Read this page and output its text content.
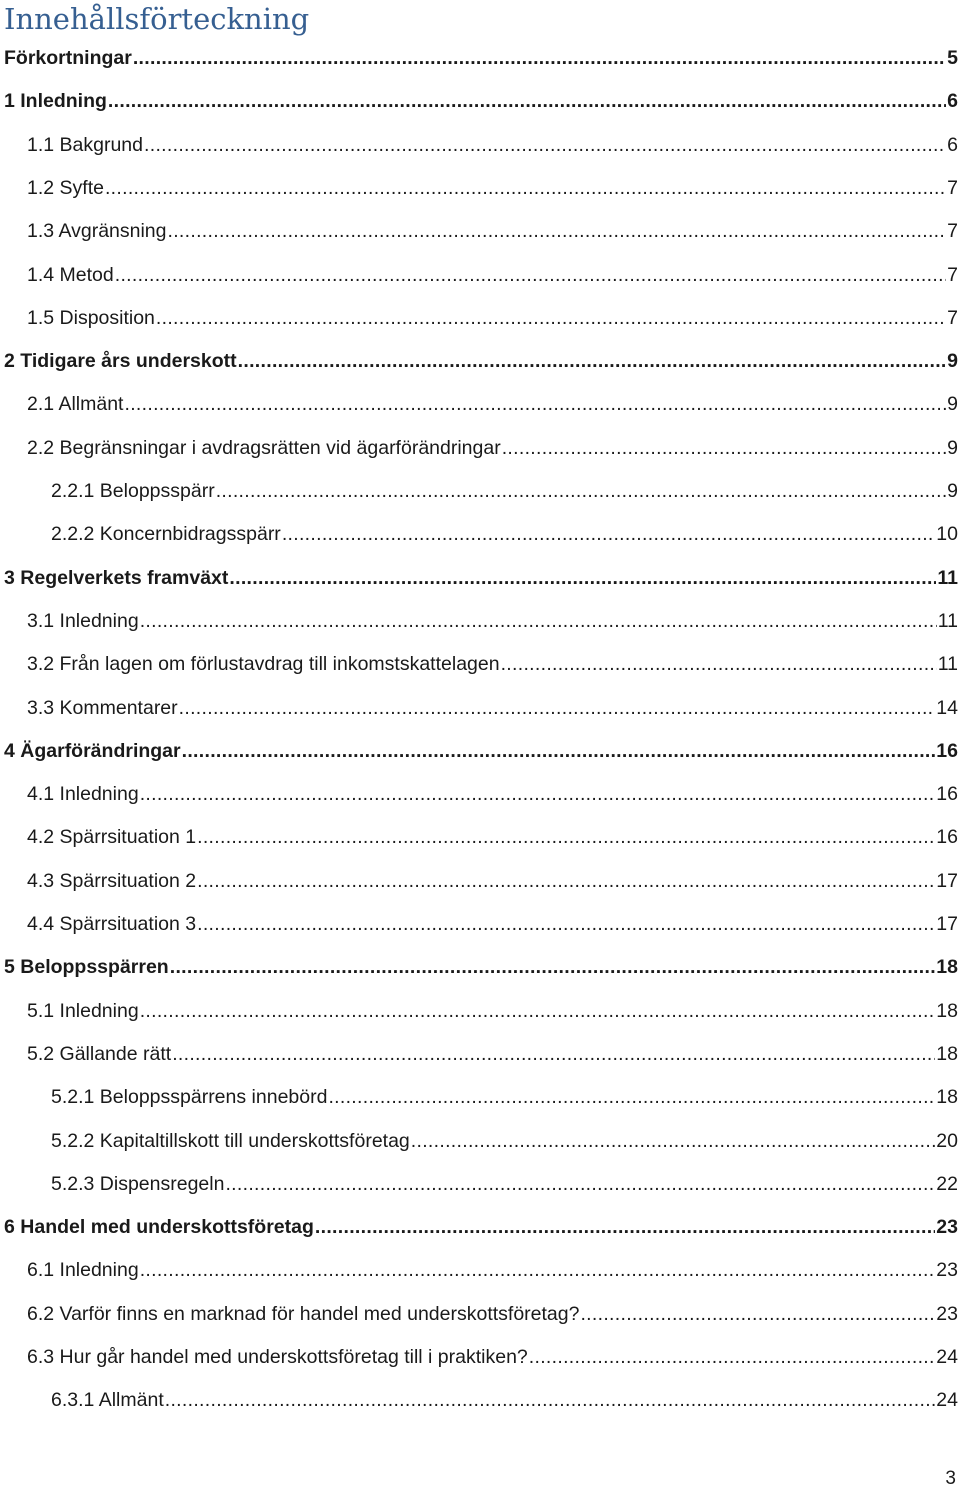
Innehållsförteckning
Förkortningar .....	5
1 Inledning .....	6
1.1 Bakgrund .....	6
1.2 Syfte .....	7
1.3 Avgränsning .....	7
1.4 Metod .....	7
1.5 Disposition .....	7
2 Tidigare års underskott .....	9
2.1 Allmänt .....	9
2.2 Begränsningar i avdragsrätten vid ägarförändringar .....	9
2.2.1 Beloppsspärr .....	9
2.2.2 Koncernbidragsspärr .....	10
3 Regelverkets framväxt .....	11
3.1 Inledning .....	11
3.2 Från lagen om förlustavdrag till inkomstskattelagen .....	11
3.3 Kommentarer .....	14
4 Ägarförändringar .....	16
4.1 Inledning .....	16
4.2 Spärrsituation 1 .....	16
4.3 Spärrsituation 2 .....	17
4.4 Spärrsituation 3 .....	17
5 Beloppsspärren .....	18
5.1 Inledning .....	18
5.2 Gällande rätt .....	18
5.2.1 Beloppsspärrens innebörd .....	18
5.2.2 Kapitaltillskott till underskottsföretag .....	20
5.2.3 Dispensregeln .....	22
6 Handel med underskottsföretag .....	23
6.1 Inledning .....	23
6.2 Varför finns en marknad för handel med underskottsföretag? .....	23
6.3 Hur går handel med underskottsföretag till i praktiken? .....	24
6.3.1 Allmänt .....	24
3
